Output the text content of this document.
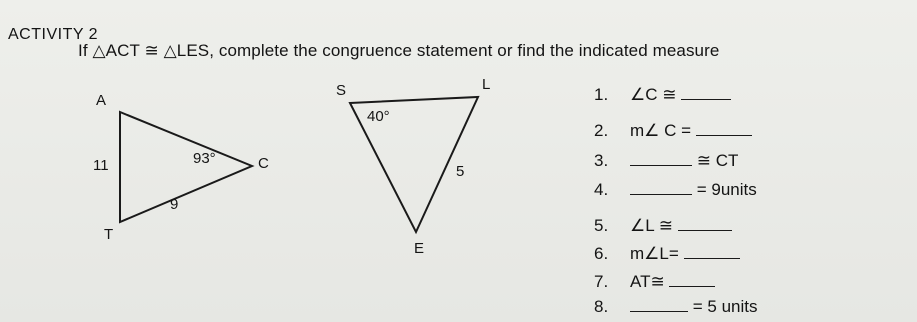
ACTIVITY 2
If △ACT ≅ △LES, complete the congruence statement or find the indicated measure
A
C
T
11
9
93°
S	L
E
40°
5
1. ∠C ≅
2. m∠ C =
3.	≅ CT
4.	= 9units
5. ∠L ≅
6. m∠L=
7. AT≅
8.	= 5 units
